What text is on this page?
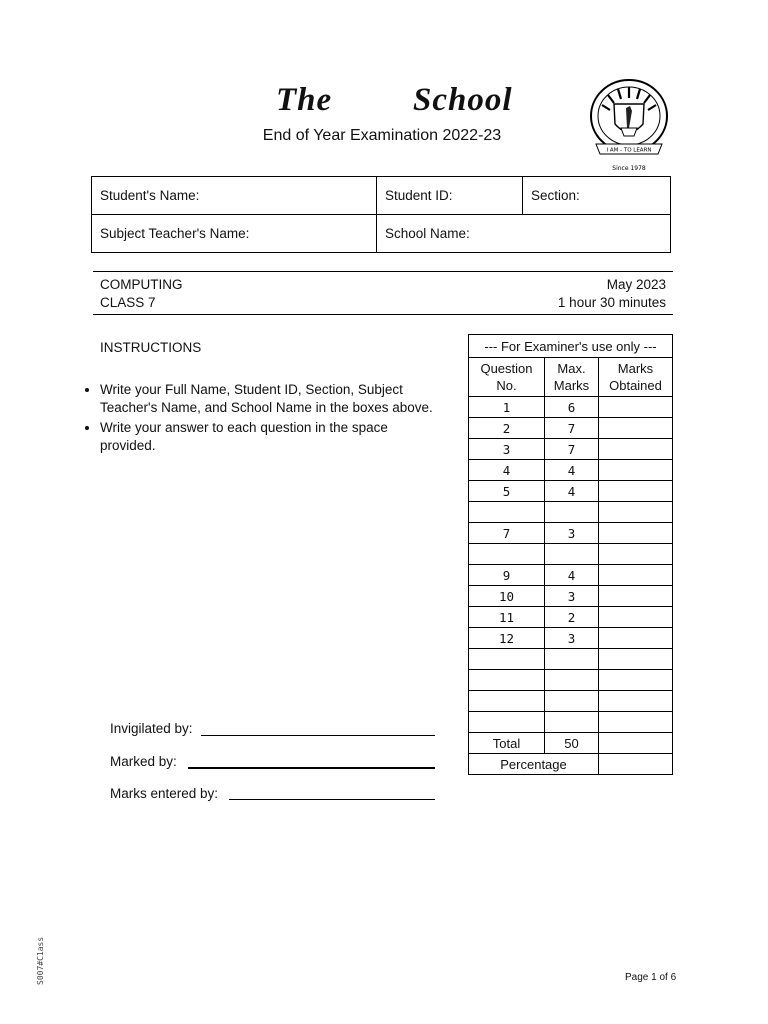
The School
End of Year Examination 2022-23
I AM - TO LEARN
Since 1978
Student's Name:	Student ID:	Section:
Subject Teacher's Name:	School Name:	
COMPUTING	May 2023
CLASS 7	1 hour 30 minutes
INSTRUCTIONS
• Write your Full Name, Student ID, Section, Subject Teacher's Name, and School Name in the boxes above.
• Write your answer to each question in the space provided.
--- For Examiner's use only ---		
Question No.	Max. Marks	Marks Obtained
1	6	
2	7	
3	7	
4	4	
5	4	

7	3	

9	4	
10	3	
11	2	
12	3	

Total	50	
Percentage		
Invigilated by:
Marked by:
Marks entered by:
S007#C1ass	Page 1 of 6
